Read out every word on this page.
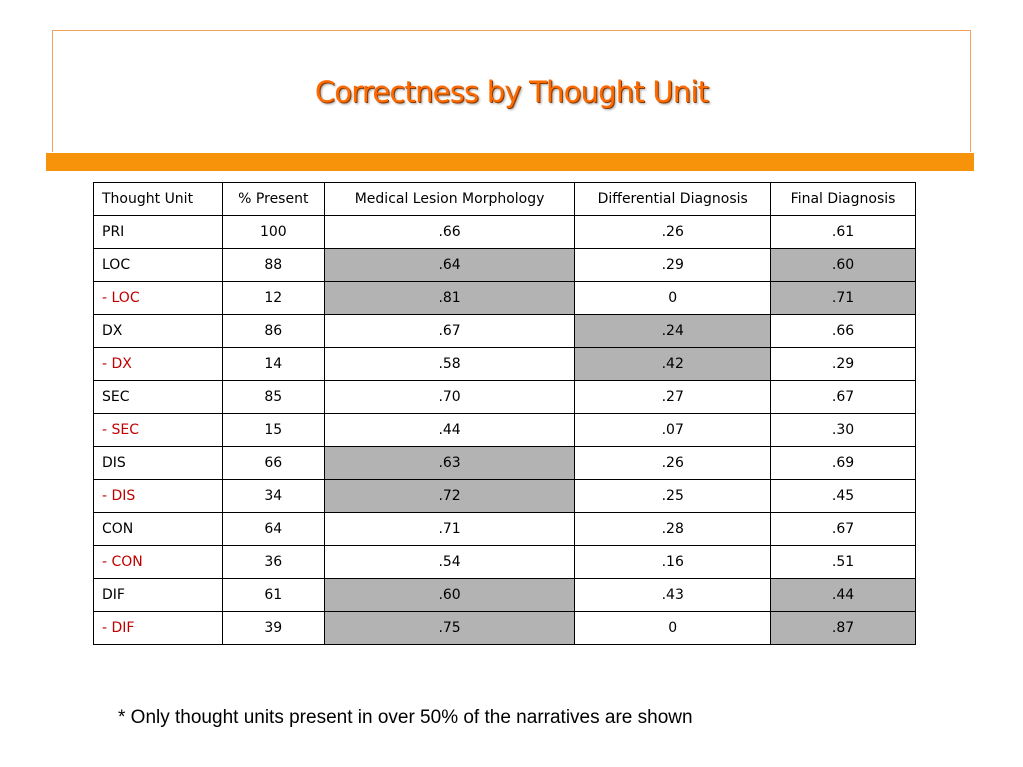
Correctness by Thought Unit
Thought Unit	% Present	Medical Lesion Morphology	Differential Diagnosis	Final Diagnosis
PRI	100	.66	.26	.61
LOC	88	.64	.29	.60
- LOC	12	.81	0	.71
DX	86	.67	.24	.66
- DX	14	.58	.42	.29
SEC	85	.70	.27	.67
- SEC	15	.44	.07	.30
DIS	66	.63	.26	.69
- DIS	34	.72	.25	.45
CON	64	.71	.28	.67
- CON	36	.54	.16	.51
DIF	61	.60	.43	.44
- DIF	39	.75	0	.87

* Only thought units present in over 50% of the narratives are shown
